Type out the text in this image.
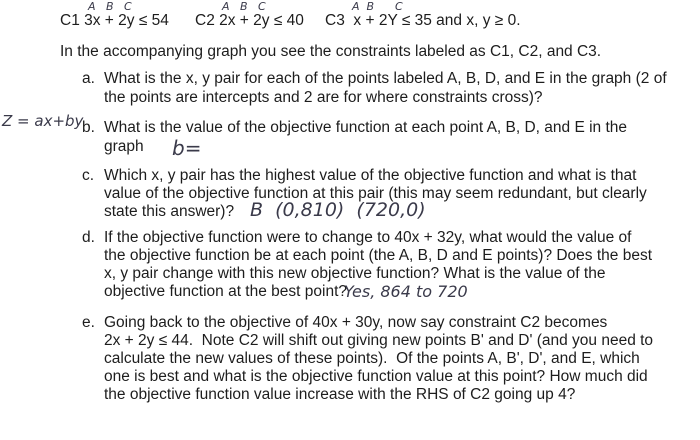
A   B   C	A   B   C	A  B      C
C1 3x + 2y ≤ 54 C2 2x + 2y ≤ 40 C3  x + 2Y ≤ 35 and x, y ≥ 0.
In the accompanying graph you see the constraints labeled as C1, C2, and C3.
a. What is the x, y pair for each of the points labeled A, B, D, and E in the graph (2 of
the points are intercepts and 2 are for where constraints cross)?
Z = ax+by
b. What is the value of the objective function at each point A, B, D, and E in the
graph b=
c. Which x, y pair has the highest value of the objective function and what is that
value of the objective function at this pair (this may seem redundant, but clearly
state this answer)? B  (0,810)  (720,0)
d. If the objective function were to change to 40x + 32y, what would the value of
the objective function be at each point (the A, B, D and E points)? Does the best
x, y pair change with this new objective function? What is the value of the
objective function at the best point?
Yes, 864 to 720
e. Going back to the objective of 40x + 30y, now say constraint C2 becomes
2x + 2y ≤ 44.  Note C2 will shift out giving new points B' and D' (and you need to
calculate the new values of these points).  Of the points A, B', D', and E, which
one is best and what is the objective function value at this point? How much did
the objective function value increase with the RHS of C2 going up 4?
